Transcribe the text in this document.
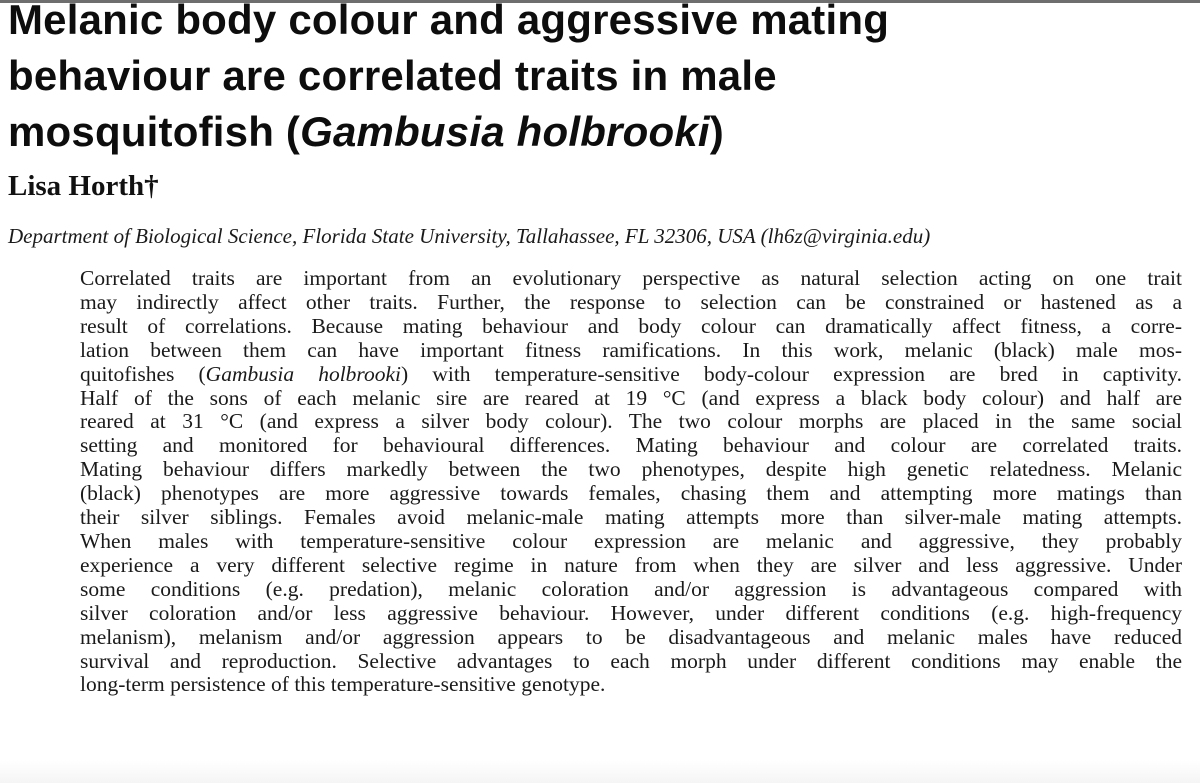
Melanic body colour and aggressive mating
behaviour are correlated traits in male
mosquitofish (Gambusia holbrooki)

Lisa Horth†

Department of Biological Science, Florida State University, Tallahassee, FL 32306, USA (lh6z@virginia.edu)

Correlated traits are important from an evolutionary perspective as natural selection acting on one trait
may indirectly affect other traits. Further, the response to selection can be constrained or hastened as a
result of correlations. Because mating behaviour and body colour can dramatically affect fitness, a corre-
lation between them can have important fitness ramifications. In this work, melanic (black) male mos-
quitofishes (Gambusia holbrooki) with temperature-sensitive body-colour expression are bred in captivity.
Half of the sons of each melanic sire are reared at 19 °C (and express a black body colour) and half are
reared at 31 °C (and express a silver body colour). The two colour morphs are placed in the same social
setting and monitored for behavioural differences. Mating behaviour and colour are correlated traits.
Mating behaviour differs markedly between the two phenotypes, despite high genetic relatedness. Melanic
(black) phenotypes are more aggressive towards females, chasing them and attempting more matings than
their silver siblings. Females avoid melanic-male mating attempts more than silver-male mating attempts.
When males with temperature-sensitive colour expression are melanic and aggressive, they probably
experience a very different selective regime in nature from when they are silver and less aggressive. Under
some conditions (e.g. predation), melanic coloration and/or aggression is advantageous compared with
silver coloration and/or less aggressive behaviour. However, under different conditions (e.g. high-frequency
melanism), melanism and/or aggression appears to be disadvantageous and melanic males have reduced
survival and reproduction. Selective advantages to each morph under different conditions may enable the
long-term persistence of this temperature-sensitive genotype.
